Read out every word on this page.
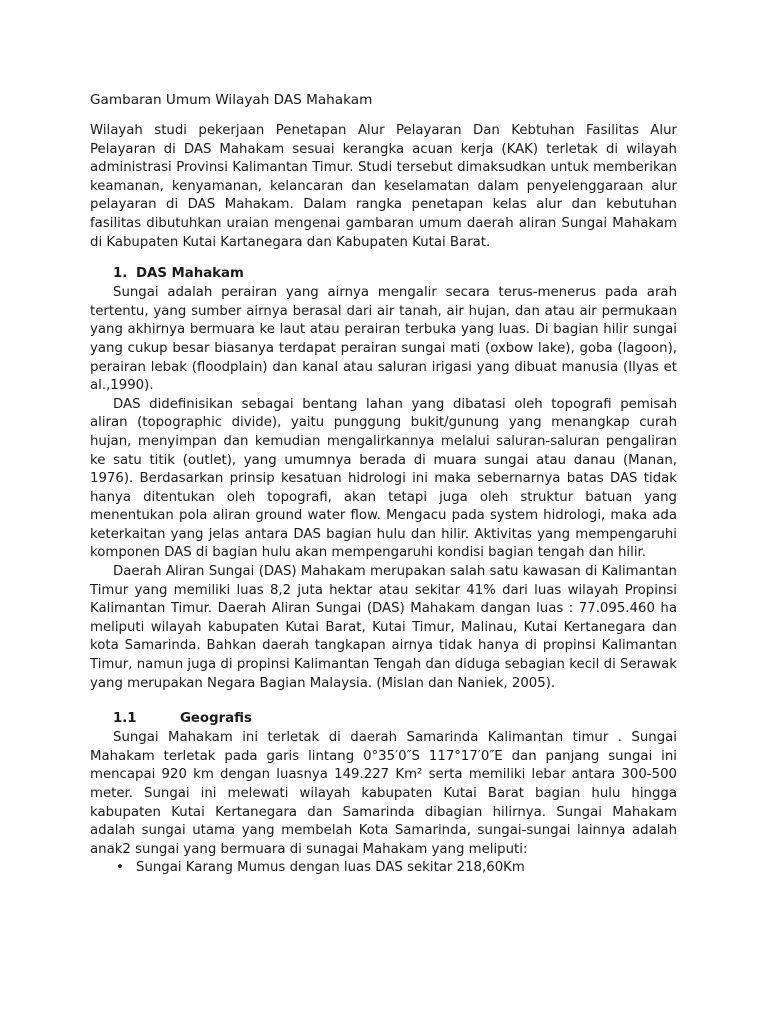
Gambaran Umum Wilayah DAS Mahakam

Wilayah studi pekerjaan Penetapan Alur Pelayaran Dan Kebtuhan Fasilitas Alur Pelayaran di DAS Mahakam sesuai kerangka acuan kerja (KAK) terletak di wilayah administrasi Provinsi Kalimantan Timur. Studi tersebut dimaksudkan untuk memberikan keamanan, kenyamanan, kelancaran dan keselamatan dalam penyelenggaraan alur pelayaran di DAS Mahakam. Dalam rangka penetapan kelas alur dan kebutuhan fasilitas dibutuhkan uraian mengenai gambaran umum daerah aliran Sungai Mahakam di Kabupaten Kutai Kartanegara dan Kabupaten Kutai Barat.

1. DAS Mahakam

Sungai adalah perairan yang airnya mengalir secara terus-menerus pada arah tertentu, yang sumber airnya berasal dari air tanah, air hujan, dan atau air permukaan yang akhirnya bermuara ke laut atau perairan terbuka yang luas. Di bagian hilir sungai yang cukup besar biasanya terdapat perairan sungai mati (oxbow lake), goba (lagoon), perairan lebak (floodplain) dan kanal atau saluran irigasi yang dibuat manusia (Ilyas et al.,1990).

DAS didefinisikan sebagai bentang lahan yang dibatasi oleh topografi pemisah aliran (topographic divide), yaitu punggung bukit/gunung yang menangkap curah hujan, menyimpan dan kemudian mengalirkannya melalui saluran-saluran pengaliran ke satu titik (outlet), yang umumnya berada di muara sungai atau danau (Manan, 1976). Berdasarkan prinsip kesatuan hidrologi ini maka sebernarnya batas DAS tidak hanya ditentukan oleh topografi, akan tetapi juga oleh struktur batuan yang menentukan pola aliran ground water flow. Mengacu pada system hidrologi, maka ada keterkaitan yang jelas antara DAS bagian hulu dan hilir. Aktivitas yang mempengaruhi komponen DAS di bagian hulu akan mempengaruhi kondisi bagian tengah dan hilir.

Daerah Aliran Sungai (DAS) Mahakam merupakan salah satu kawasan di Kalimantan Timur yang memiliki luas 8,2 juta hektar atau sekitar 41% dari luas wilayah Propinsi Kalimantan Timur. Daerah Aliran Sungai (DAS) Mahakam dangan luas : 77.095.460 ha meliputi wilayah kabupaten Kutai Barat, Kutai Timur, Malinau, Kutai Kertanegara dan kota Samarinda. Bahkan daerah tangkapan airnya tidak hanya di propinsi Kalimantan Timur, namun juga di propinsi Kalimantan Tengah dan diduga sebagian kecil di Serawak yang merupakan Negara Bagian Malaysia. (Mislan dan Naniek, 2005).

1.1	Geografis

Sungai Mahakam ini terletak di daerah Samarinda Kalimantan timur . Sungai Mahakam terletak pada garis lintang 0°35′0″S 117°17′0″E dan panjang sungai ini mencapai 920 km dengan luasnya 149.227 Km² serta memiliki lebar antara 300-500 meter. Sungai ini melewati wilayah kabupaten Kutai Barat bagian hulu hingga kabupaten Kutai Kertanegara dan Samarinda dibagian hilirnya. Sungai Mahakam adalah sungai utama yang membelah Kota Samarinda, sungai-sungai lainnya adalah anak2 sungai yang bermuara di sunagai Mahakam yang meliputi:

• Sungai Karang Mumus dengan luas DAS sekitar 218,60Km
